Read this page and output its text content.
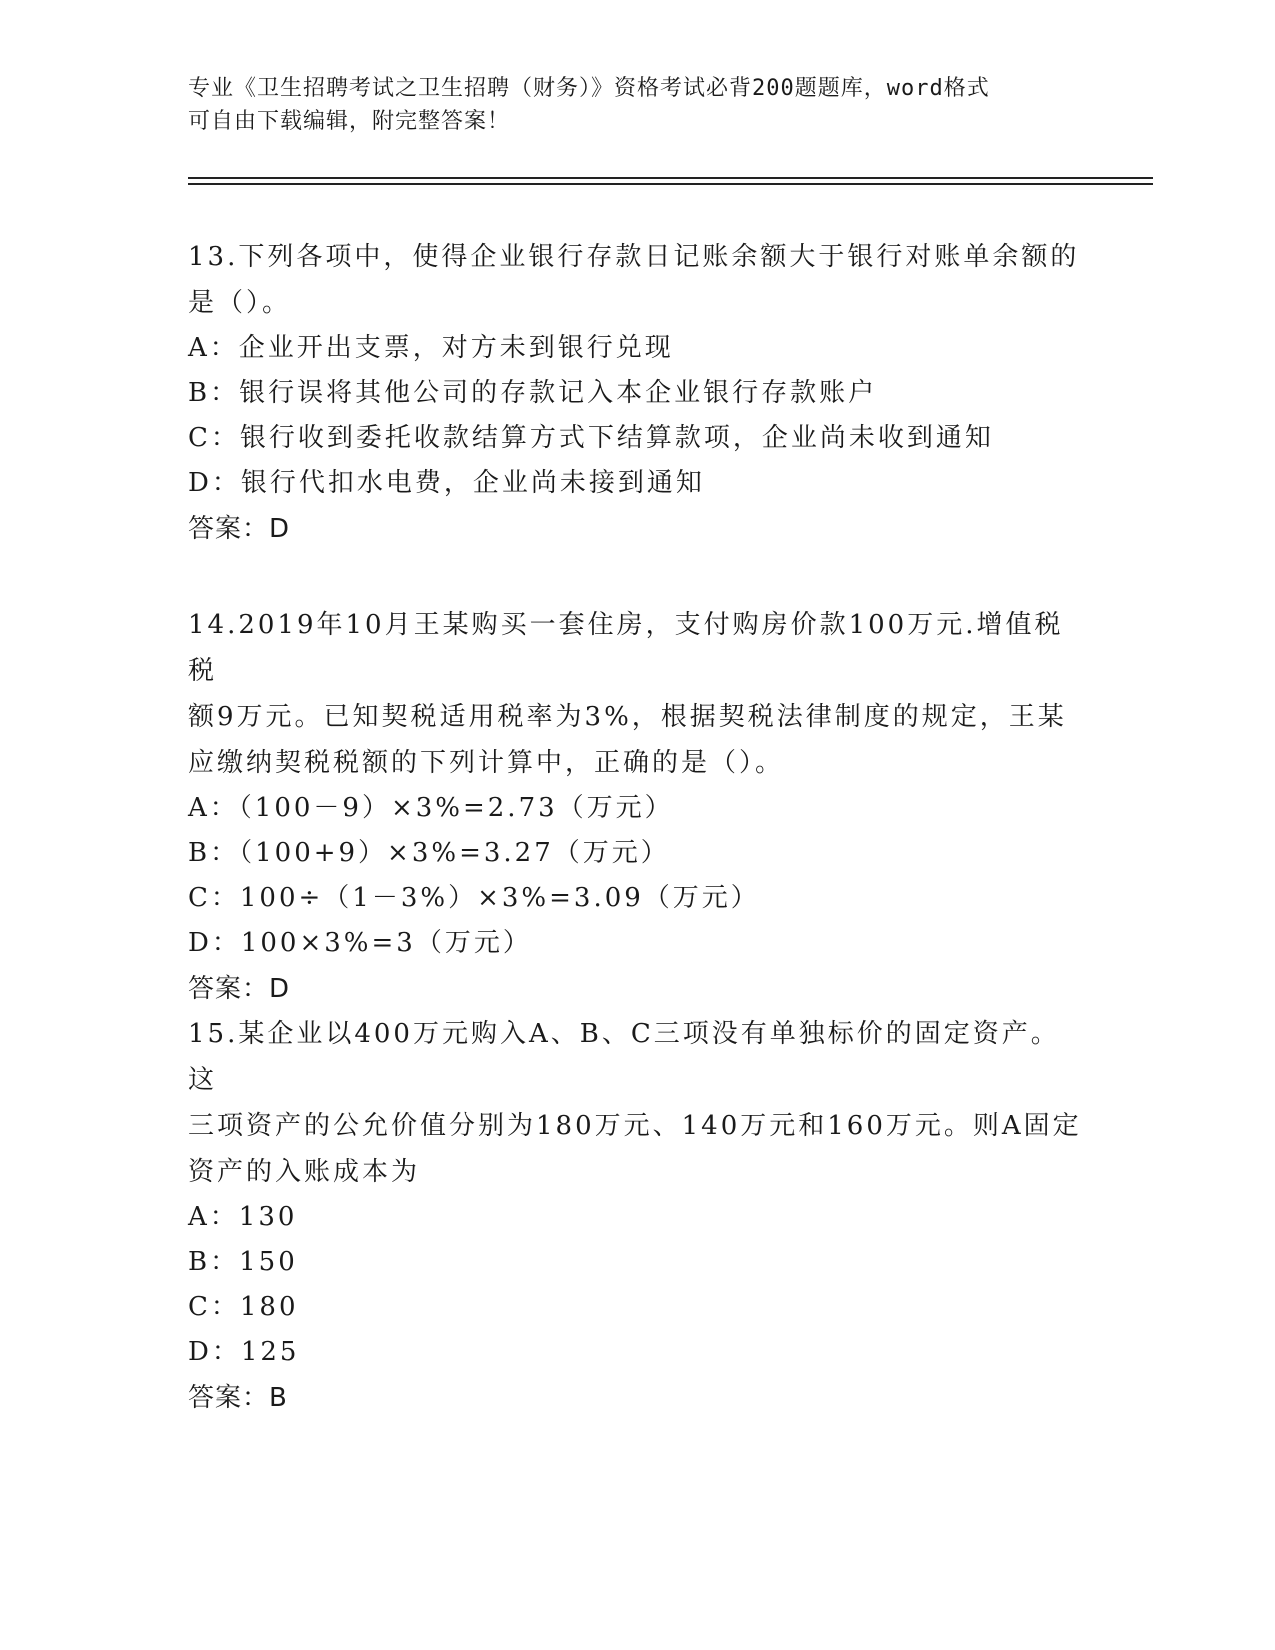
专业《卫生招聘考试之卫生招聘（财务）》资格考试必背200题题库，word格式
可自由下载编辑，附完整答案！
13.下列各项中，使得企业银行存款日记账余额大于银行对账单余额的
是（）。
A：企业开出支票，对方未到银行兑现
B：银行误将其他公司的存款记入本企业银行存款账户
C：银行收到委托收款结算方式下结算款项，企业尚未收到通知
D：银行代扣水电费，企业尚未接到通知
答案：D
14.2019年10月王某购买一套住房，支付购房价款100万元.增值税税
额9万元。已知契税适用税率为3%，根据契税法律制度的规定，王某
应缴纳契税税额的下列计算中，正确的是（）。
A：（100－9）×3%=2.73（万元）
B：（100+9）×3%=3.27（万元）
C：100÷（1－3%）×3%=3.09（万元）
D：100×3%=3（万元）
答案：D
15.某企业以400万元购入A、B、C三项没有单独标价的固定资产。这
三项资产的公允价值分别为180万元、140万元和160万元。则A固定
资产的入账成本为
A：130
B：150
C：180
D：125
答案：B
